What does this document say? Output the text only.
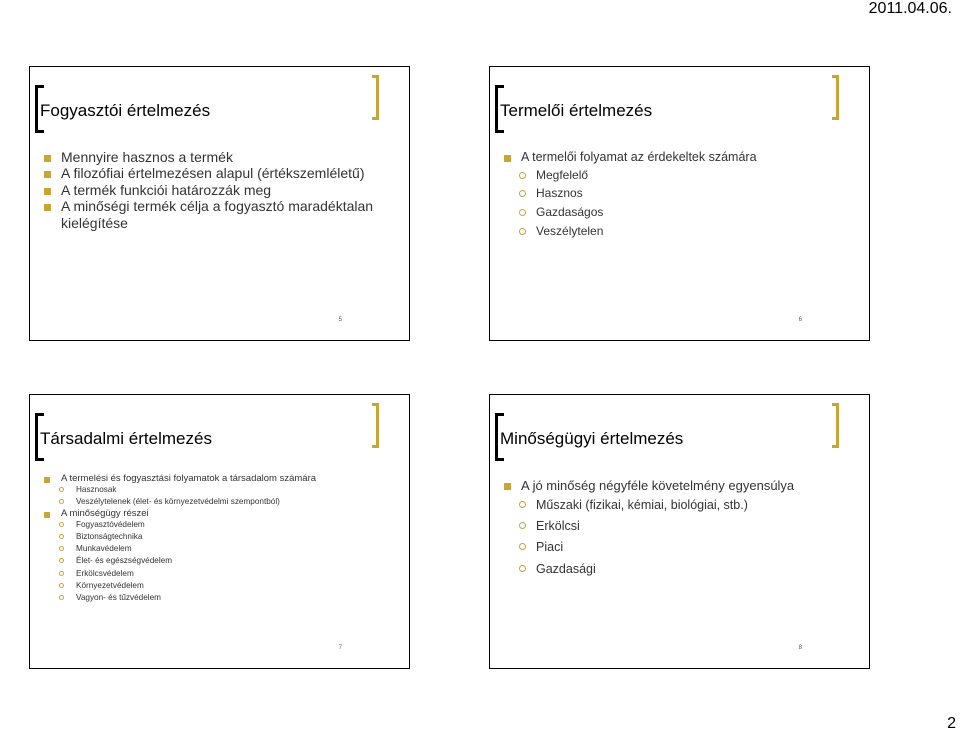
2011.04.06.
Fogyasztói értelmezés
Mennyire hasznos a termék
A filozófiai értelmezésen alapul (értékszemléletű)
A termék funkciói határozzák meg
A minőségi termék célja a fogyasztó maradéktalan kielégítése
5
Termelői értelmezés
A termelői folyamat az érdekeltek számára
Megfelelő
Hasznos
Gazdaságos
Veszélytelen
6
Társadalmi értelmezés
A termelési és fogyasztási folyamatok a társadalom számára
Hasznosak
Veszélytelenek (élet- és környezetvédelmi szempontból)
A minőségügy részei
Fogyasztóvédelem
Biztonságtechnika
Munkavédelem
Élet- és egészségvédelem
Erkölcsvédelem
Környezetvédelem
Vagyon- és tűzvédelem
7
Minőségügyi értelmezés
A jó minőség négyféle követelmény egyensúlya
Műszaki (fizikai, kémiai, biológiai, stb.)
Erkölcsi
Piaci
Gazdasági
8
2
